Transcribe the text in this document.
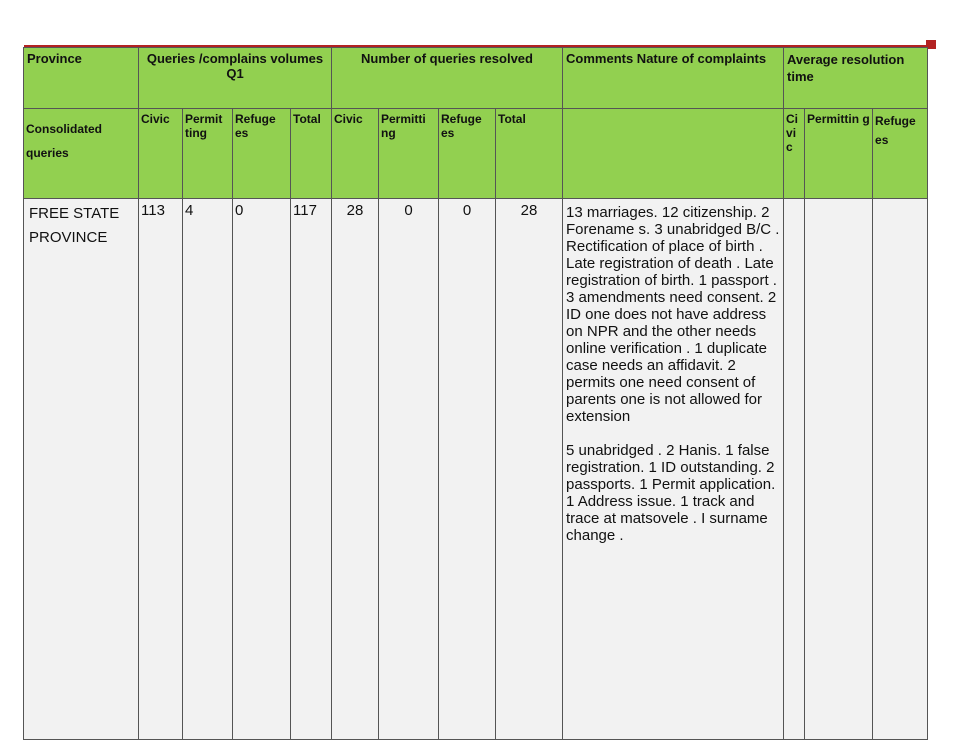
Province	Queries /complains volumes Q1				Number of queries resolved				Comments Nature of complaints	Average resolution time		
Consolidated queries	Civic	Permit ting	Refuge es	Total	Civic	Permitti ng	Refuge es	Total		Ci vi c	Permittin g	Refuge es
FREE STATE PROVINCE	113	4	0	117	28	0	0	28	13 marriages. 12 citizenship. 2 Forename s. 3 unabridged B/C . Rectification of place of birth . Late registration of death . Late registration of birth. 1 passport . 3 amendments need consent. 2 ID one does not have address on NPR and the other needs online verification . 1 duplicate case needs an affidavit. 2 permits one need consent of parents one is not allowed for extension

5 unabridged . 2 Hanis. 1 false registration. 1 ID outstanding. 2 passports. 1 Permit application. 1 Address issue. 1 track and trace at matsovele . I surname change .			
